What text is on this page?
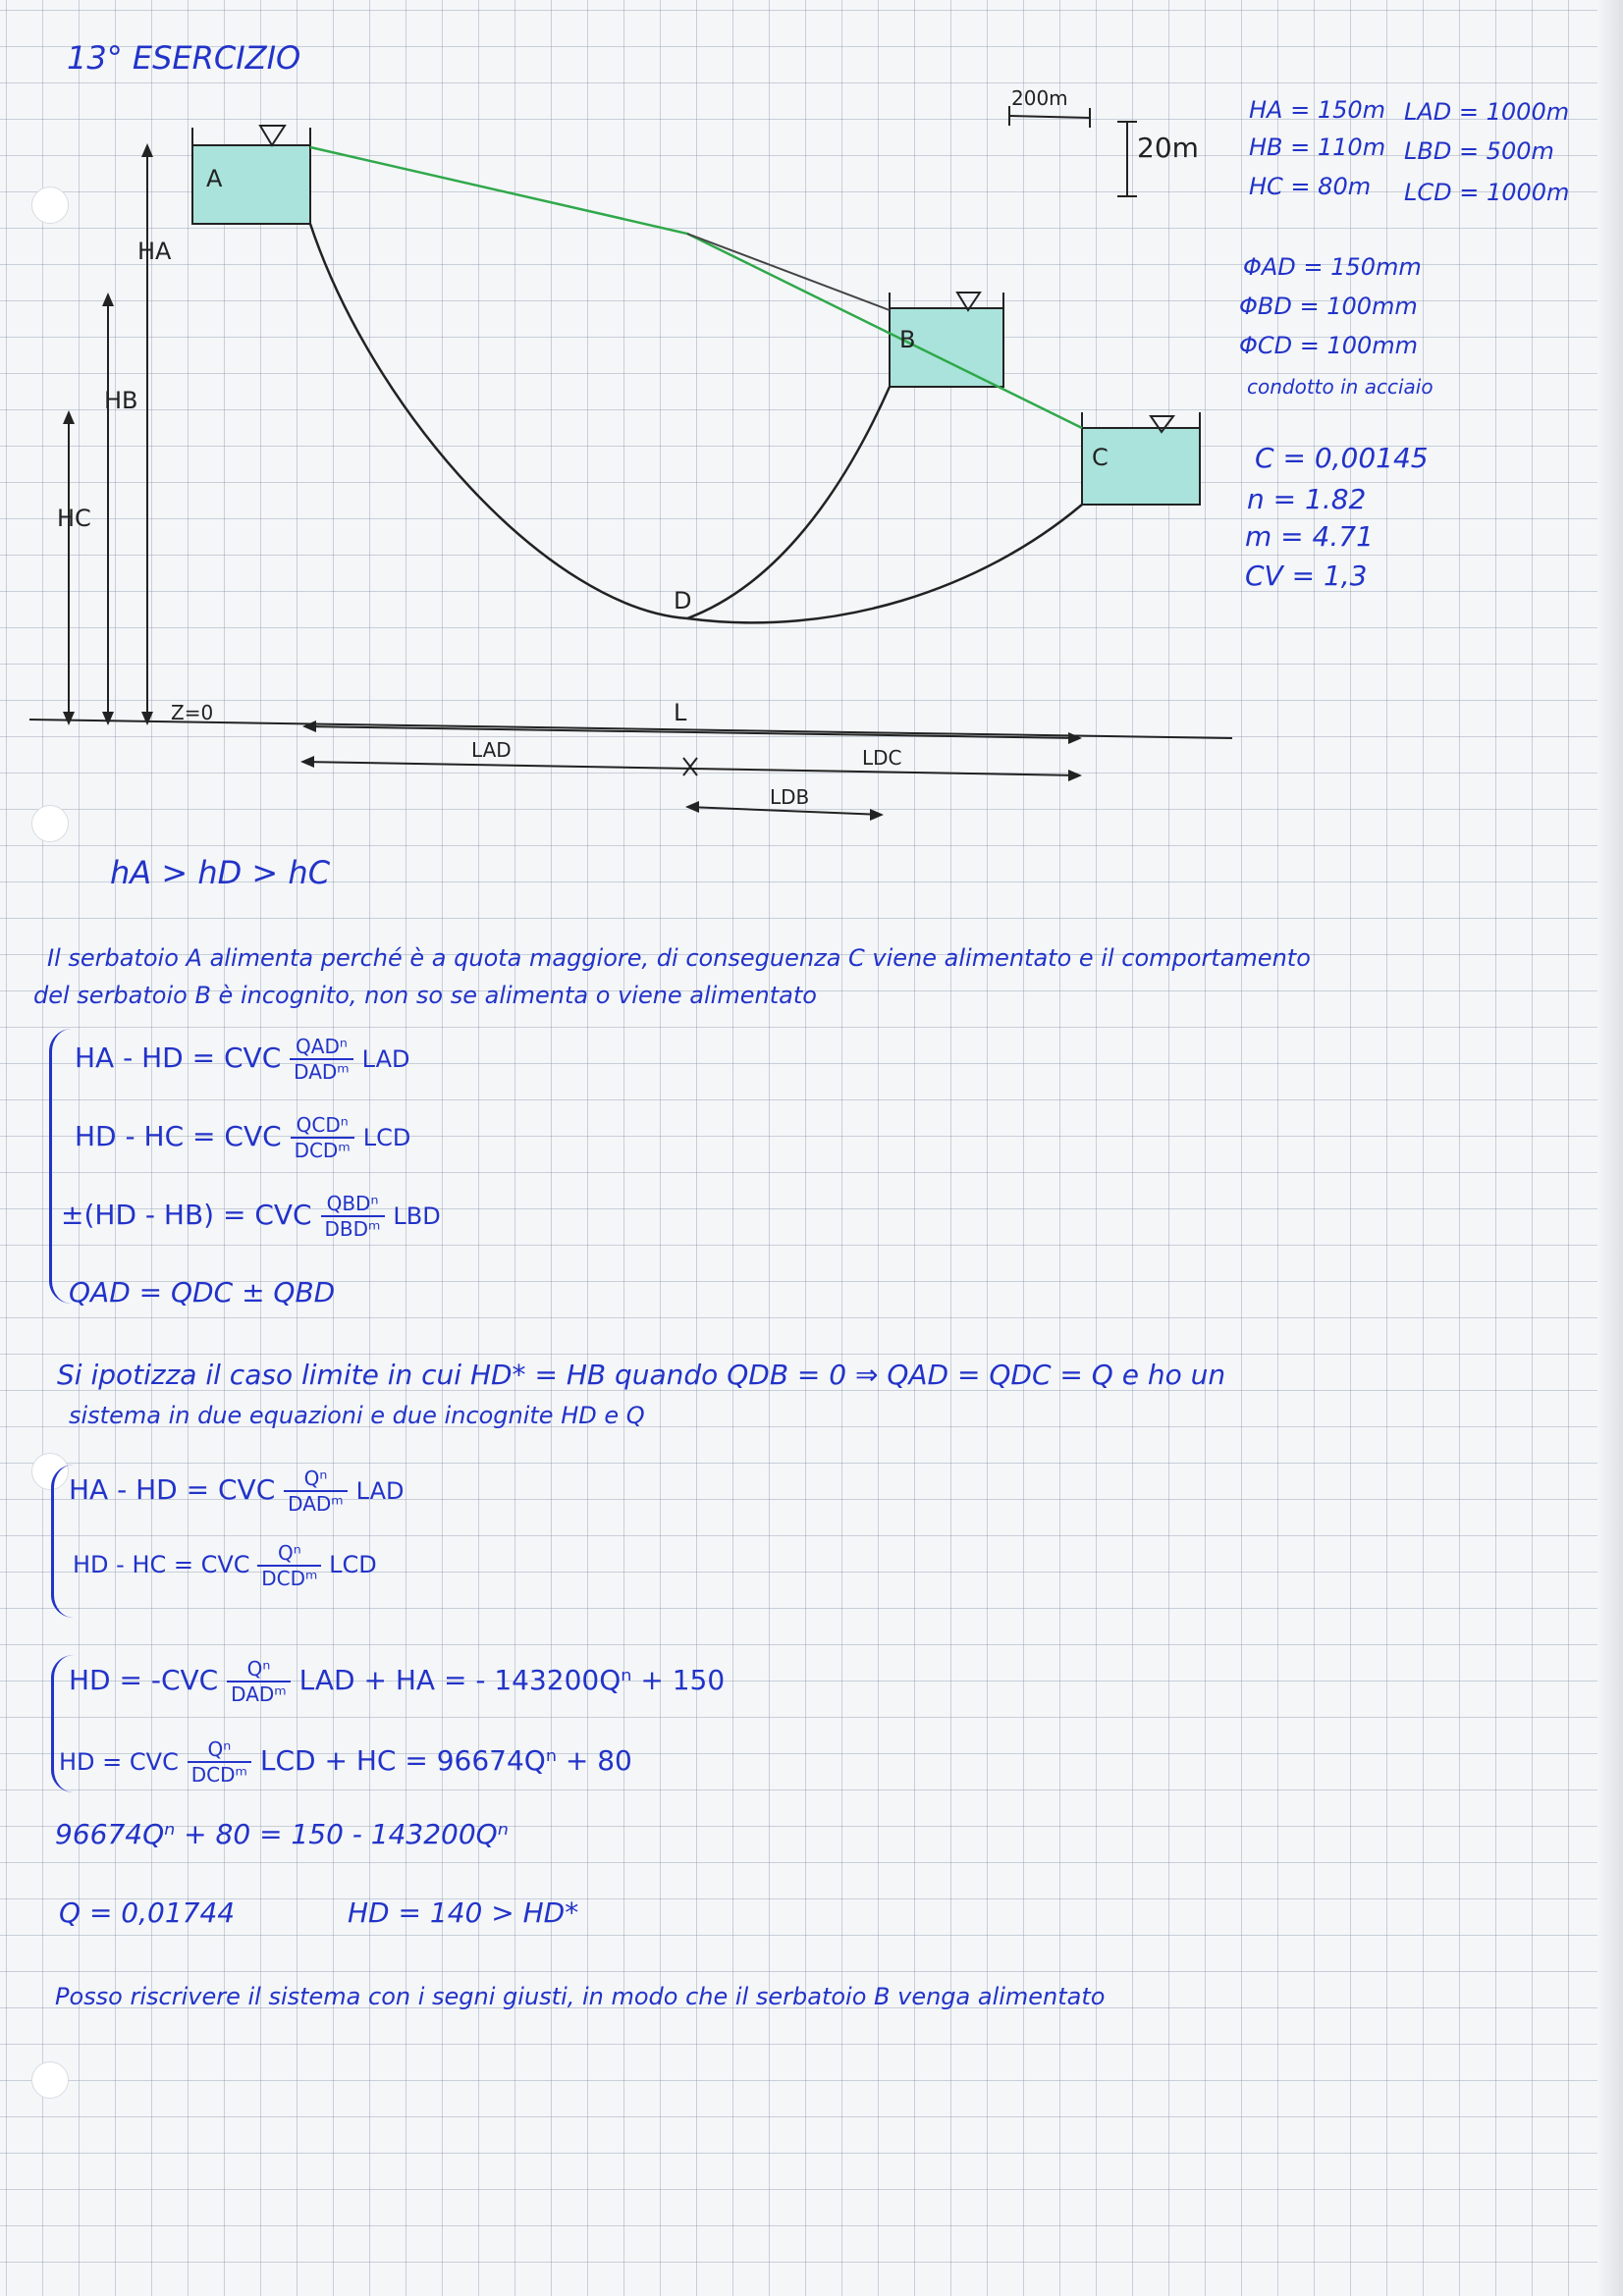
13° ESERCIZIO
A
B
C
D
HA
HB
HC
Z=0	L
LAD	LDC
LDB
200m
20m
HA = 150m LAD = 1000m
HB = 110m LBD = 500m
HC = 80m LCD = 1000m
ΦAD = 150mm
ΦBD = 100mm
ΦCD = 100mm
condotto in acciaio
C = 0,00145
n = 1.82
m = 4.71
CV = 1,3
hA > hD > hC
Il serbatoio A alimenta perché è a quota maggiore, di conseguenza C viene alimentato e il comportamento
del serbatoio B è incognito, non so se alimenta o viene alimentato
HA - HD = CVC $\frac{\text{QADⁿ}}{\text{DADᵐ}}$ LAD
HD - HC = CVC $\frac{\text{QCDⁿ}}{\text{DCDᵐ}}$ LCD
±(HD - HB) = CVC $\frac{\text{QBDⁿ}}{\text{DBDᵐ}}$ LBD
QAD = QDC ± QBD
Si ipotizza il caso limite in cui HD* = HB quando QDB = 0 ⇒ QAD = QDC = Q e ho un
sistema in due equazioni e due incognite HD e Q
HA - HD = CVC $\frac{\text{Qⁿ}}{\text{DADᵐ}}$ LAD
HD - HC = CVC $\frac{\text{Qⁿ}}{\text{DCDᵐ}}$ LCD
HD = $-CVC \frac{\text{Qⁿ}}{\text{DADᵐ}}$ LAD + HA = - 143200Qⁿ + 150
HD = CVC $\frac{\text{Qⁿ}}{\text{DCDᵐ}}$ LCD + HC = 96674Qⁿ + 80
96674Qⁿ + 80 = 150 - 143200Qⁿ
Q = 0,01744	HD = 140 > HD*
Posso riscrivere il sistema con i segni giusti, in modo che il serbatoio B venga alimentato
